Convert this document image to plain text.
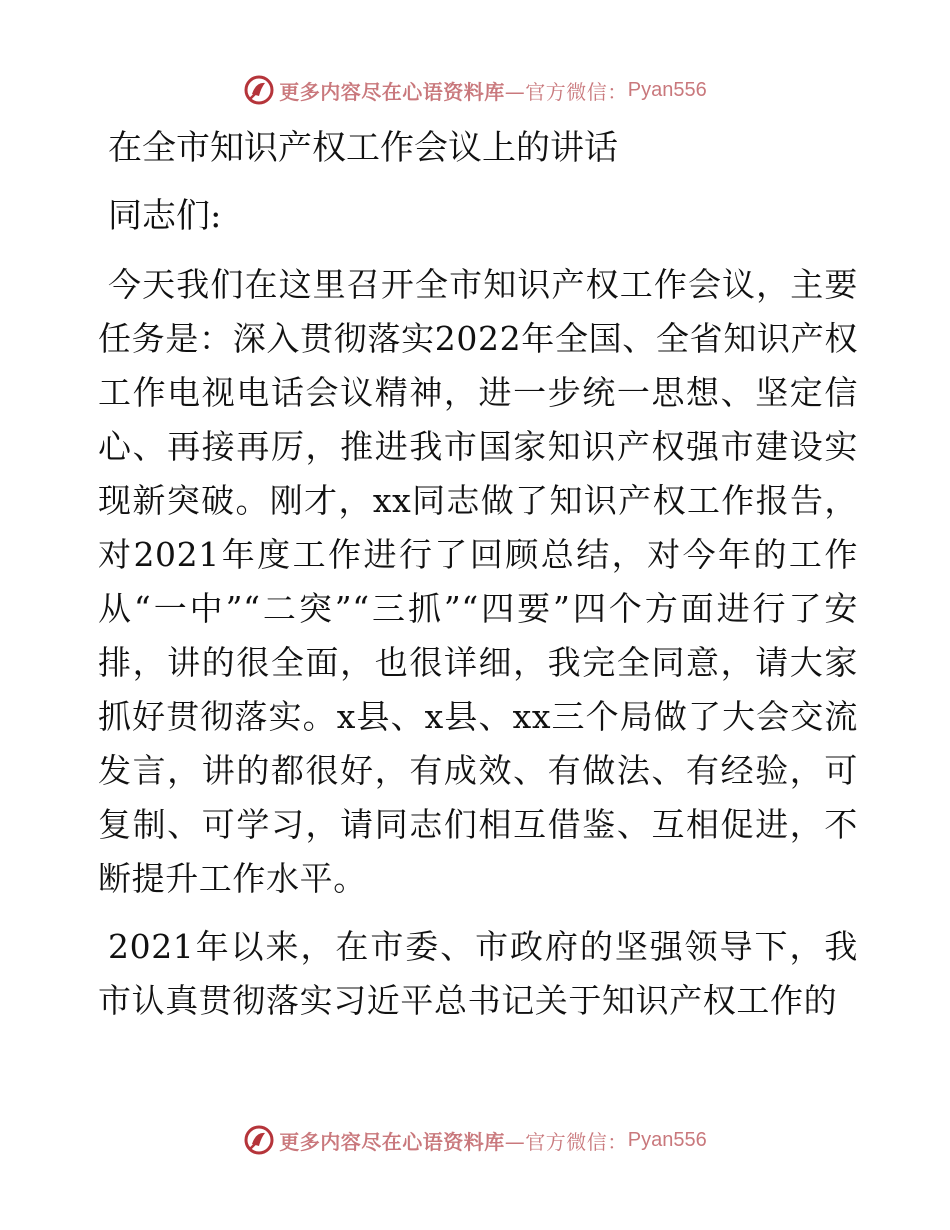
更多内容尽在心语资料库 —官方微信： Pyan556
在全市知识产权工作会议上的讲话
同志们:

今天我们在这里召开全市知识产权工作会议，主要任务是：深入贯彻落实2022年全国、全省知识产权工作电视电话会议精神，进一步统一思想、坚定信心、再接再厉，推进我市国家知识产权强市建设实现新突破。刚才，xx同志做了知识产权工作报告，对2021年度工作进行了回顾总结，对今年的工作从“一中”“二突”“三抓”“四要”四个方面进行了安排，讲的很全面，也很详细，我完全同意，请大家抓好贯彻落实。x县、x县、xx三个局做了大会交流发言，讲的都很好，有成效、有做法、有经验，可复制、可学习，请同志们相互借鉴、互相促进，不断提升工作水平。

2021年以来，在市委、市政府的坚强领导下，我市认真贯彻落实习近平总书记关于知识产权工作的

更多内容尽在心语资料库 —官方微信： Pyan556
